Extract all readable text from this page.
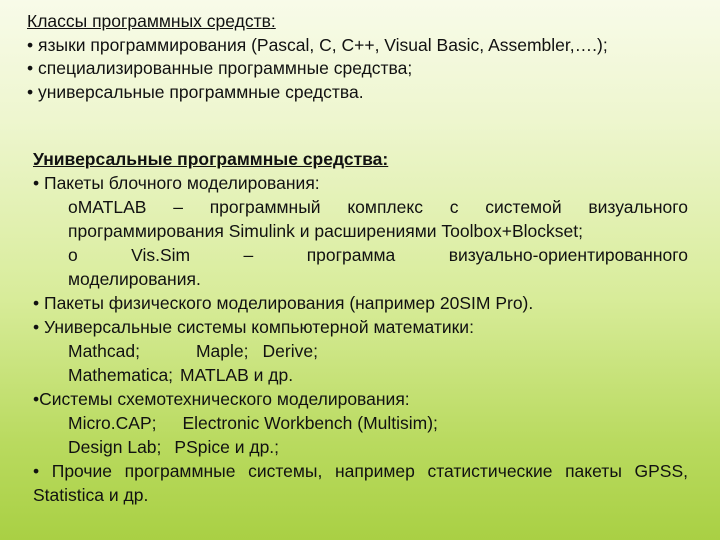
Классы программных средств:
• языки программирования (Pascal, C, C++, Visual Basic, Assembler,….);
• специализированные программные средства;
• универсальные программные средства.
Универсальные программные средства:
• Пакеты блочного моделирования:
оMATLAB – программный комплекс с системой визуального
программирования Simulink и расширениями Toolbox+Blockset;
о	Vis.Sim	–	программа	визуально-ориентированного
моделирования.
• Пакеты физического моделирования (например 20SIM Pro).
• Универсальные системы компьютерной математики:
Mathcad;	Maple; Derive;
Mathematica; MATLAB и др.
•Системы схемотехнического моделирования:
Micro.CAP; Electronic Workbench (Multisim);
Design Lab; PSpice и др.;
• Прочие программные системы, например статистические пакеты GPSS, Statistica и др.
